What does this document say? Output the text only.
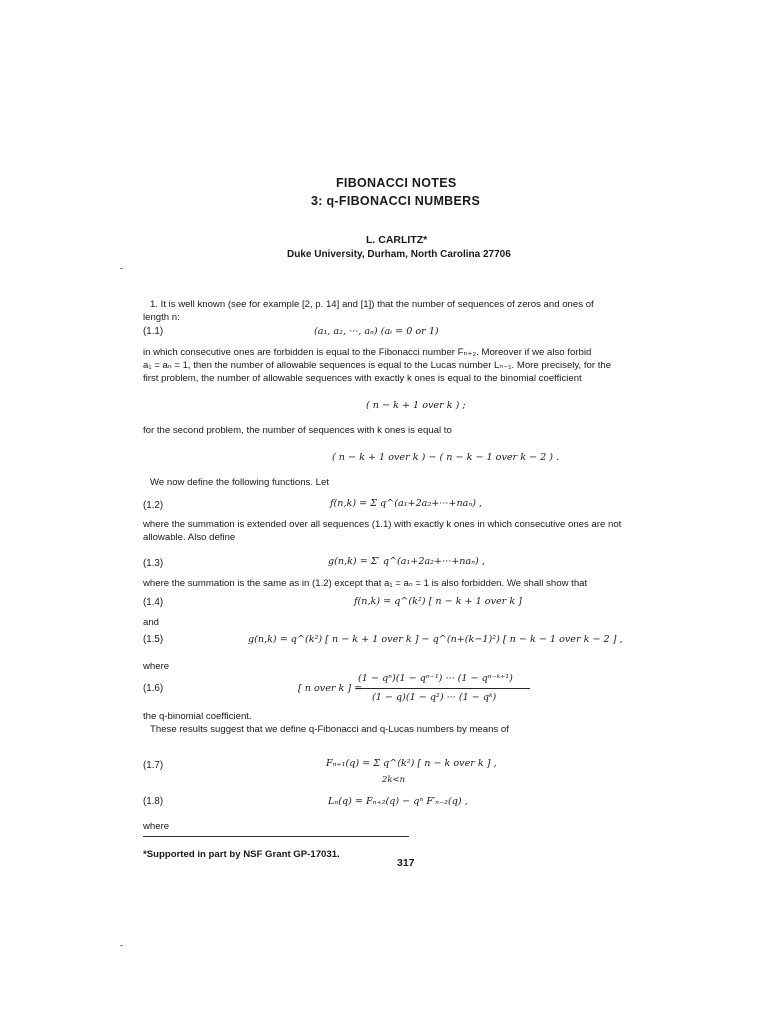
FIBONACCI NOTES
3: q-FIBONACCI NUMBERS
L. CARLITZ*
Duke University, Durham, North Carolina 27706
1. It is well known (see for example [2, p. 14] and [1]) that the number of sequences of zeros and ones of
length n:
(1.1)	(a₁, a₂, ···, aₙ) (aᵢ = 0 or 1)
in which consecutive ones are forbidden is equal to the Fibonacci number Fₙ₊₂. Moreover if we also forbid
a₁ = aₙ = 1, then the number of allowable sequences is equal to the Lucas number Lₙ₋₁. More precisely, for the
first problem, the number of allowable sequences with exactly k ones is equal to the binomial coefficient
( n − k + 1 over k ) ;
for the second problem, the number of sequences with k ones is equal to
( n − k + 1 over k ) − ( n − k − 1 over k − 2 ) .
We now define the following functions. Let
(1.2)	f(n,k) = Σ q^(a₁+2a₂+···+naₙ) ,
where the summation is extended over all sequences (1.1) with exactly k ones in which consecutive ones are not
allowable. Also define
(1.3)	g(n,k) = Σ′ q^(a₁+2a₂+···+naₙ) ,
where the summation is the same as in (1.2) except that a₁ = aₙ = 1 is also forbidden. We shall show that
(1.4)	f(n,k) = q^(k²) [ n − k + 1 over k ]
and
(1.5)	g(n,k) = q^(k²) [ n − k + 1 over k ] − q^(n+(k−1)²) [ n − k − 1 over k − 2 ] ,
where
(1.6)	[ n over k ] =
(1 − qⁿ)(1 − qⁿ⁻¹) ··· (1 − qⁿ⁻ᵏ⁺¹)
(1 − q)(1 − q²) ··· (1 − qᵏ)
the q-binomial coefficient.
These results suggest that we define q-Fibonacci and q-Lucas numbers by means of
(1.7)	Fₙ₊₁(q) = Σ q^(k²) [ n − k over k ] ,
2k<n
(1.8)	Lₙ(q) = Fₙ₊₂(q) − qⁿ F′ₙ₋₂(q) ,
where
*Supported in part by NSF Grant GP-17031.
317
